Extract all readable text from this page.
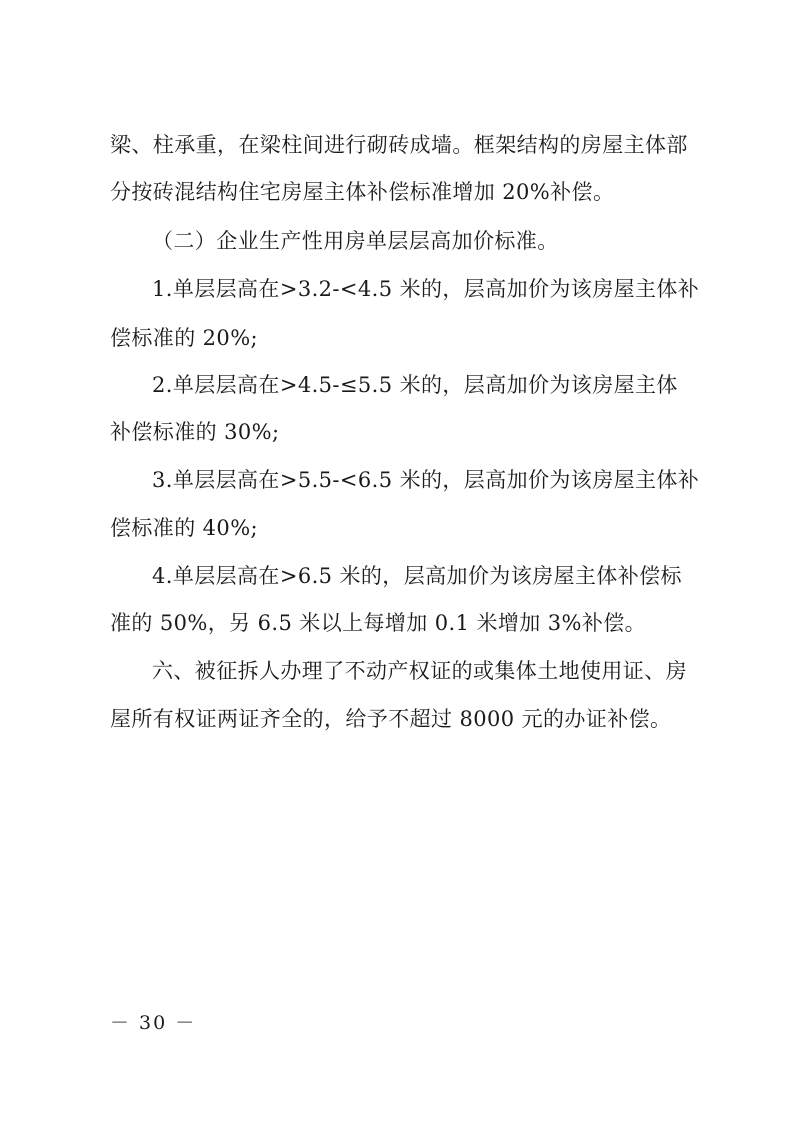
梁、柱承重，在梁柱间进行砌砖成墙。框架结构的房屋主体部
分按砖混结构住宅房屋主体补偿标准增加 20%补偿。
（二）企业生产性用房单层层高加价标准。
1.单层层高在>3.2-<4.5 米的，层高加价为该房屋主体补
偿标准的 20%;
2.单层层高在>4.5-≤5.5 米的，层高加价为该房屋主体
补偿标准的 30%;
3.单层层高在>5.5-<6.5 米的，层高加价为该房屋主体补
偿标准的 40%;
4.单层层高在>6.5 米的，层高加价为该房屋主体补偿标
准的 50%，另 6.5 米以上每增加 0.1 米增加 3%补偿。
六、被征拆人办理了不动产权证的或集体土地使用证、房
屋所有权证两证齐全的，给予不超过 8000 元的办证补偿。
－ 30 －
